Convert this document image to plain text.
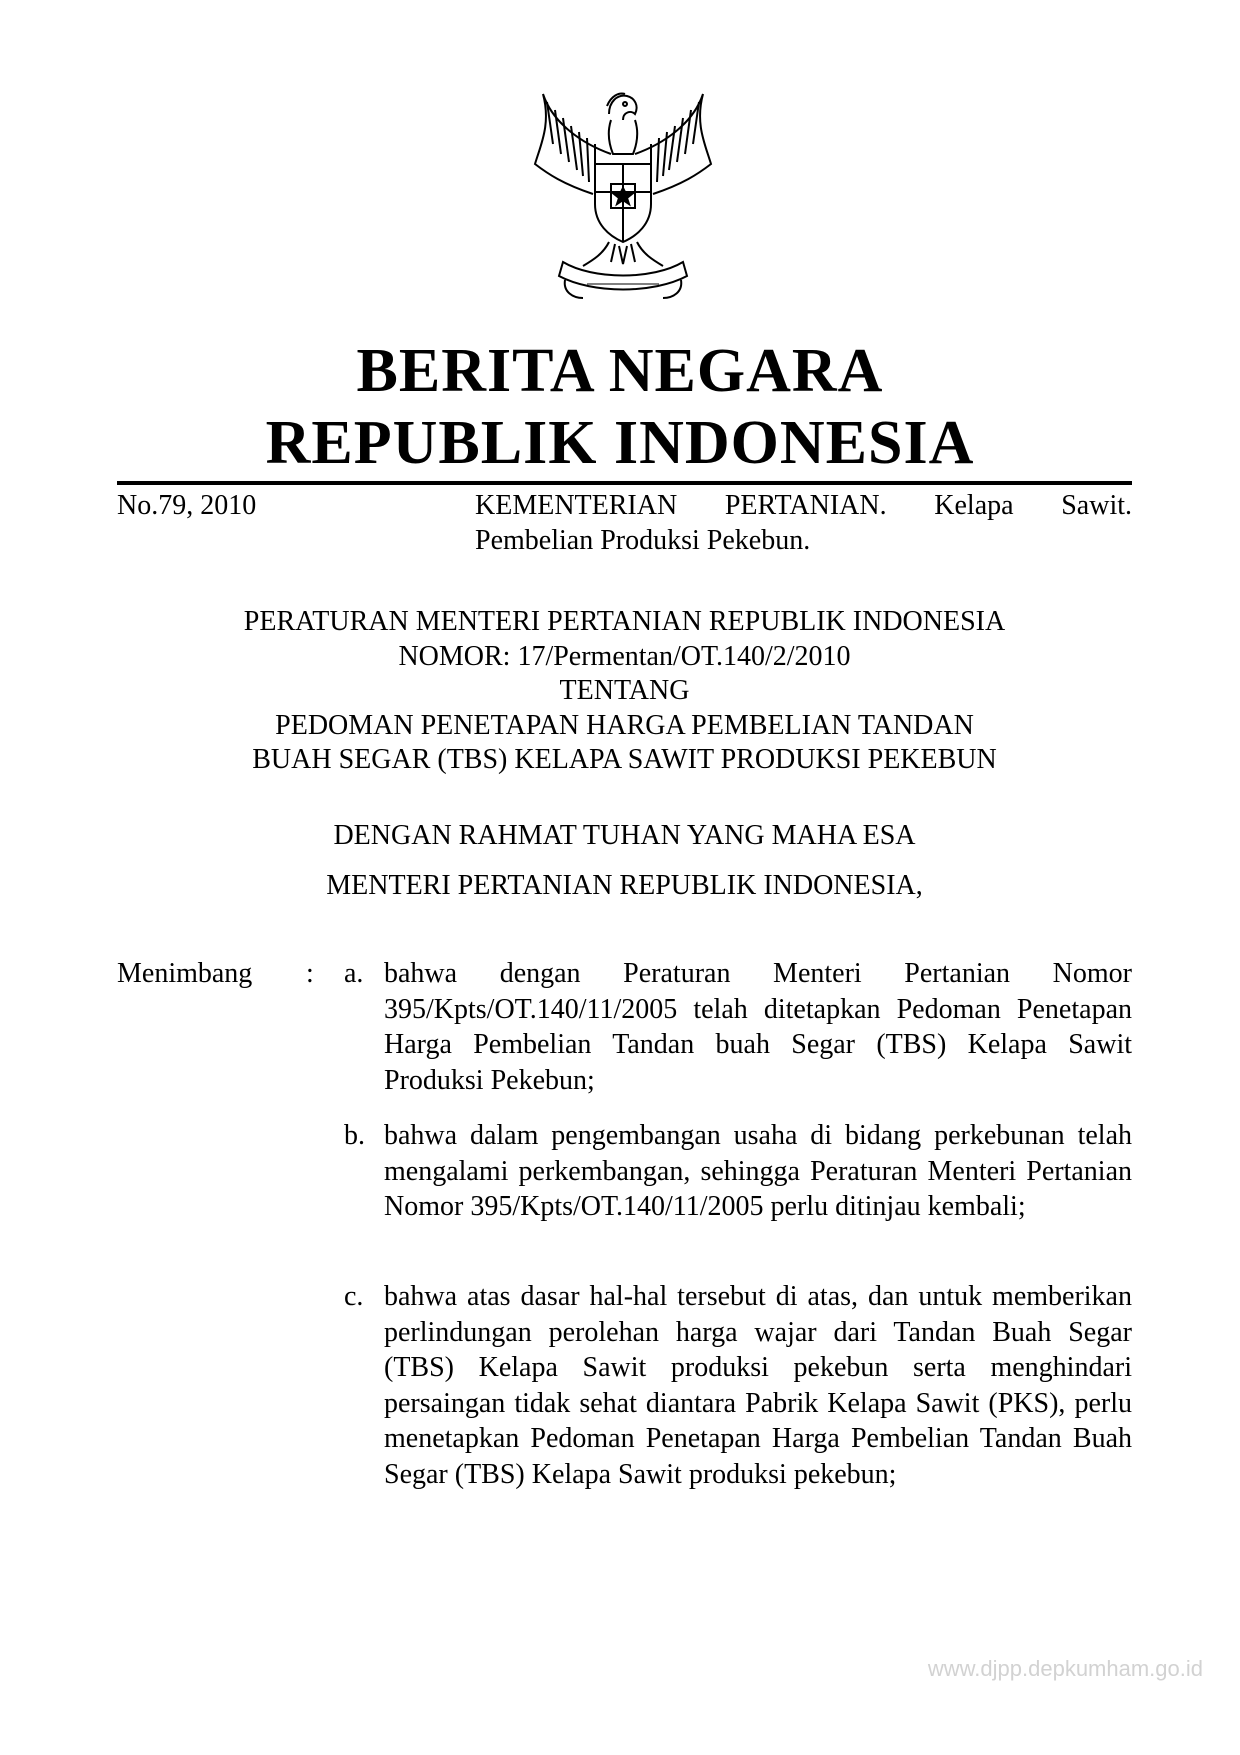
BERITA NEGARA
REPUBLIK INDONESIA
No.79, 2010	KEMENTERIAN PERTANIAN. Kelapa Sawit.
Pembelian Produksi Pekebun.
PERATURAN MENTERI PERTANIAN REPUBLIK INDONESIA
NOMOR: 17/Permentan/OT.140/2/2010
TENTANG
PEDOMAN PENETAPAN HARGA PEMBELIAN TANDAN
BUAH SEGAR (TBS) KELAPA SAWIT PRODUKSI PEKEBUN
DENGAN RAHMAT TUHAN YANG MAHA ESA
MENTERI PERTANIAN REPUBLIK INDONESIA,
Menimbang : a. bahwa dengan Peraturan Menteri Pertanian Nomor 395/Kpts/OT.140/11/2005 telah ditetapkan Pedoman Penetapan Harga Pembelian Tandan buah Segar (TBS) Kelapa Sawit Produksi Pekebun;
b. bahwa dalam pengembangan usaha di bidang perkebunan telah mengalami perkembangan, sehingga Peraturan Menteri Pertanian Nomor 395/Kpts/OT.140/11/2005 perlu ditinjau kembali;
c. bahwa atas dasar hal-hal tersebut di atas, dan untuk memberikan perlindungan perolehan harga wajar dari Tandan Buah Segar (TBS) Kelapa Sawit produksi pekebun serta menghindari persaingan tidak sehat diantara Pabrik Kelapa Sawit (PKS), perlu menetapkan Pedoman Penetapan Harga Pembelian Tandan Buah Segar (TBS) Kelapa Sawit produksi pekebun;
www.djpp.depkumham.go.id
